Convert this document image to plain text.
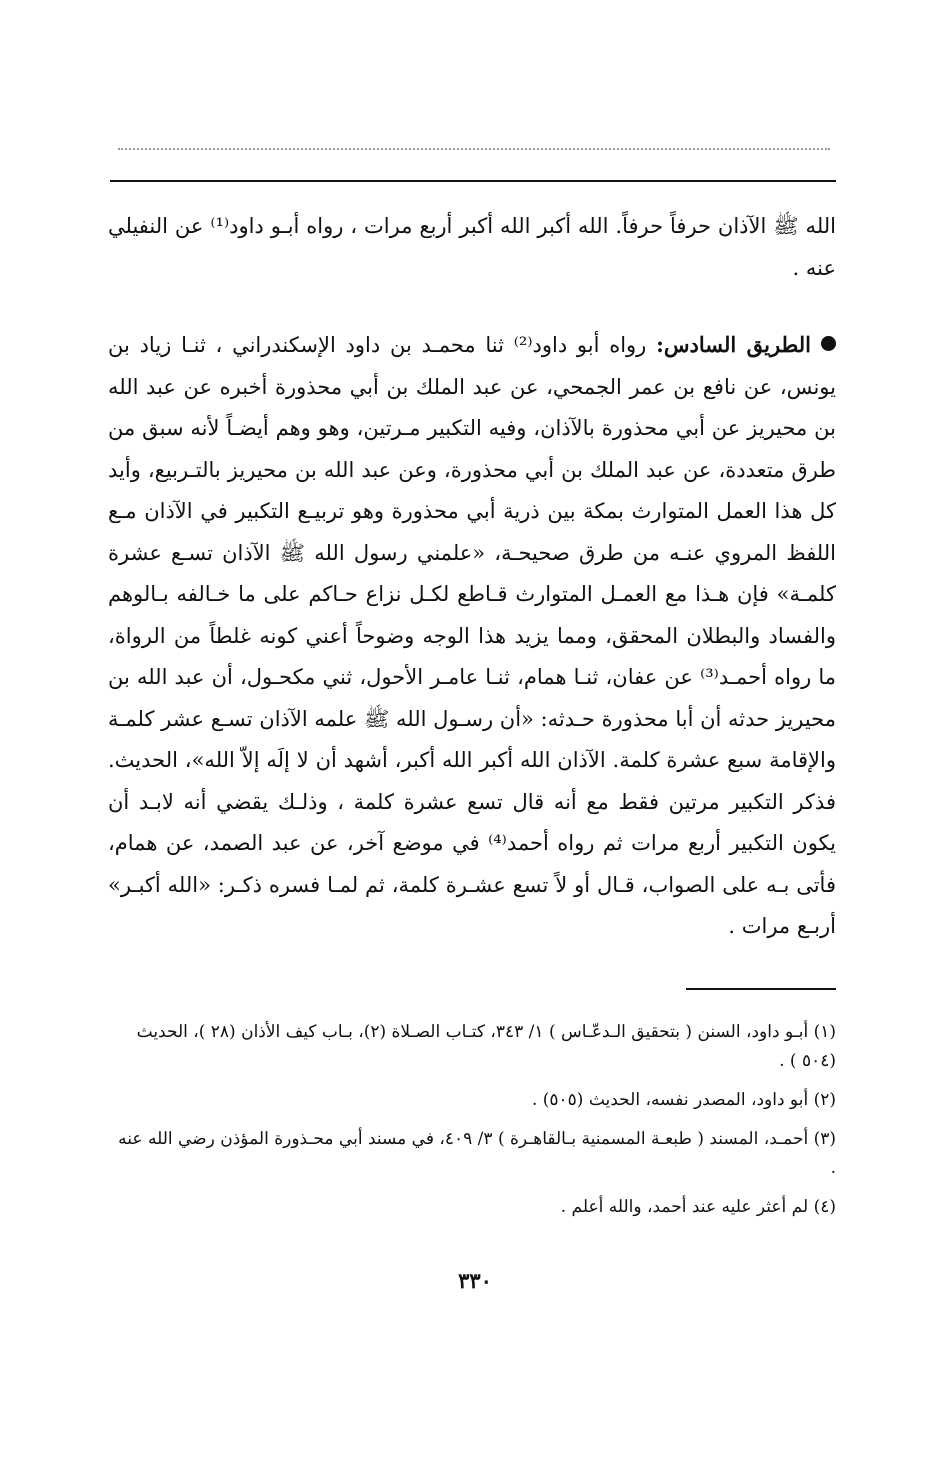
الله ﷺ الآذان حرفاً حرفاً. الله أكبر الله أكبر أربع مرات ، رواه أبـو داود⁽¹⁾ عن النفيلي عنه .

الطريق السادس: رواه أبو داود⁽²⁾ ثنا محمـد بن داود الإسكندراني ، ثنـا زياد بن يونس، عن نافع بن عمر الجمحي، عن عبد الملك بن أبي محذورة أخبره عن عبد الله بن محيريز عن أبي محذورة بالآذان، وفيه التكبير مـرتين، وهو وهم أيضـاً لأنه سبق من طرق متعددة، عن عبد الملك بن أبي محذورة، وعن عبد الله بن محيريز بالتـربيع، وأيد كل هذا العمل المتوارث بمكة بين ذرية أبي محذورة وهو تربيـع التكبير في الآذان مـع اللفظ المروي عنـه من طرق صحيحـة، «علمني رسول الله ﷺ الآذان تسـع عشرة كلمـة» فإن هـذا مع العمـل المتوارث قـاطع لكـل نزاع حـاكم على ما خـالفه بـالوهم والفساد والبطلان المحقق، ومما يزيد هذا الوجه وضوحاً أعني كونه غلطاً من الرواة، ما رواه أحمـد⁽³⁾ عن عفان، ثنـا همام، ثنـا عامـر الأحول، ثني مكحـول، أن عبد الله بن محيريز حدثه أن أبا محذورة حـدثه: «أن رسـول الله ﷺ علمه الآذان تسـع عشر كلمـة والإقامة سبع عشرة كلمة. الآذان الله أكبر الله أكبر، أشهد أن لا إلَه إلاّ الله»، الحديث. فذكر التكبير مرتين فقط مع أنه قال تسع عشرة كلمة ، وذلـك يقضي أنه لابـد أن يكون التكبير أربع مرات ثم رواه أحمد⁽⁴⁾ في موضع آخر، عن عبد الصمد، عن همام، فأتى بـه على الصواب، قـال أو لاً تسع عشـرة كلمة، ثم لمـا فسره ذكـر: «الله أكبـر» أربـع مرات .

(١) أبـو داود، السنن ( بتحقيق الـدعّـاس ) ١/ ٣٤٣، كتـاب الصـلاة (٢)، بـاب كيف الأذان (٢٨ )، الحديث (٥٠٤ ) .

(٢) أبو داود، المصدر نفسه، الحديث (٥٠٥) .

(٣) أحمـد، المسند ( طبعـة المسمنية بـالقاهـرة ) ٣/ ٤٠٩، في مسند أبي محـذورة المؤذن رضي الله عنه .

(٤) لم أعثر عليه عند أحمد، والله أعلم .

٣٣٠
